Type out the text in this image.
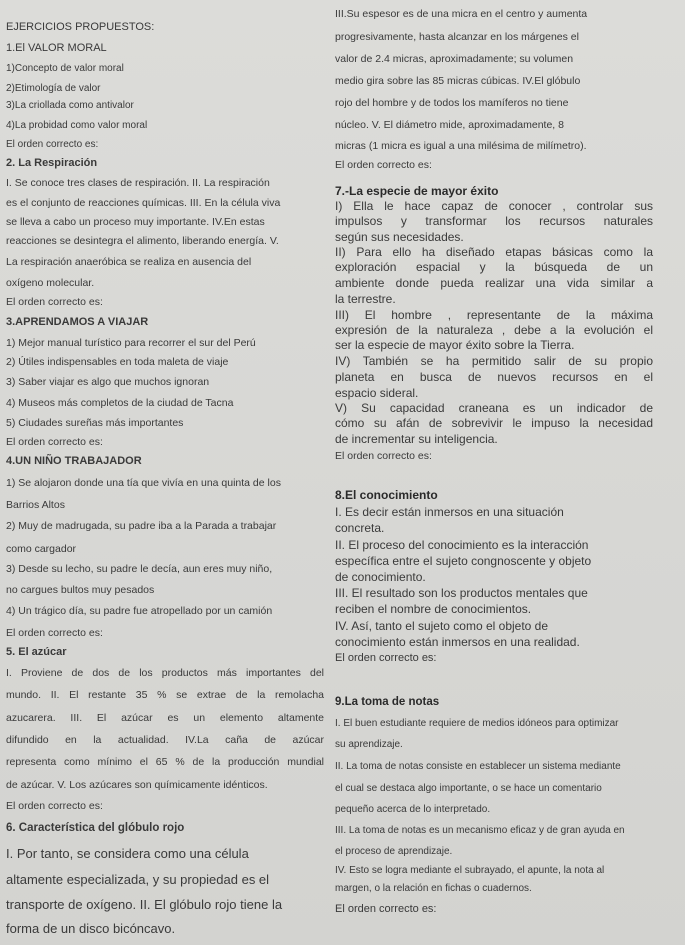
EJERCICIOS PROPUESTOS:
1.El VALOR MORAL
1)Concepto de valor moral
2)Etimología de valor
3)La criollada como antivalor
4)La probidad como valor moral
El orden correcto es:
2. La Respiración
I. Se conoce tres clases de respiración. II. La respiración
es el conjunto de reacciones químicas. III. En la célula viva
se lleva a cabo un proceso muy importante. IV.En estas
reacciones se desintegra el alimento, liberando energía. V.
La respiración anaeróbica se realiza en ausencia del
oxígeno molecular.
El orden correcto es:
3.APRENDAMOS A VIAJAR
1) Mejor manual turístico para recorrer el sur del Perú
2) Útiles indispensables en toda maleta de viaje
3) Saber viajar es algo que muchos ignoran
4) Museos más completos de la ciudad de Tacna
5) Ciudades sureñas más importantes
El orden correcto es:
4.UN NIÑO TRABAJADOR
1) Se alojaron donde una tía que vivía en una quinta de los
Barrios Altos
2) Muy de madrugada, su padre iba a la Parada a trabajar
como cargador
3) Desde su lecho, su padre le decía, aun eres muy niño,
no cargues bultos muy pesados
4) Un trágico día, su padre fue atropellado por un camión
El orden correcto es:
5. El azúcar
I. Proviene de dos de los productos más importantes del
mundo. II. El restante 35 % se extrae de la remolacha
azucarera. III. El azúcar es un elemento altamente
difundido en la actualidad. IV.La caña de azúcar
representa como mínimo el 65 % de la producción mundial
de azúcar. V. Los azúcares son químicamente idénticos.
El orden correcto es:
6. Característica del glóbulo rojo
I. Por tanto, se considera como una célula
altamente especializada, y su propiedad es el
transporte de oxígeno. II. El glóbulo rojo tiene la
forma de un disco bicóncavo.
III.Su espesor es de una micra en el centro y aumenta
progresivamente, hasta alcanzar en los márgenes el
valor de 2.4 micras, aproximadamente; su volumen
medio gira sobre las 85 micras cúbicas. IV.El glóbulo
rojo del hombre y de todos los mamíferos no tiene
núcleo. V. El diámetro mide, aproximadamente, 8
micras (1 micra es igual a una milésima de milímetro).
El orden correcto es:
7.-La especie de mayor éxito
I) Ella le hace capaz de conocer , controlar sus
impulsos y transformar los recursos naturales
según sus necesidades.
II) Para ello ha diseñado etapas básicas como la
exploración espacial y la búsqueda de un
ambiente donde pueda realizar una vida similar a
la terrestre.
III) El hombre , representante de la máxima
expresión de la naturaleza , debe a la evolución el
ser la especie de mayor éxito sobre la Tierra.
IV) También se ha permitido salir de su propio
planeta en busca de nuevos recursos en el
espacio sideral.
V) Su capacidad craneana es un indicador de
cómo su afán de sobrevivir le impuso la necesidad
de incrementar su inteligencia.
El orden correcto es:
8.El conocimiento
I. Es decir están inmersos en una situación
concreta.
II. El proceso del conocimiento es la interacción
específica entre el sujeto congnoscente y objeto
de conocimiento.
III. El resultado son los productos mentales que
reciben el nombre de conocimientos.
IV. Así, tanto el sujeto como el objeto de
conocimiento están inmersos en una realidad.
El orden correcto es:
9.La toma de notas
I. El buen estudiante requiere de medios idóneos para optimizar
su aprendizaje.
II. La toma de notas consiste en establecer un sistema mediante
el cual se destaca algo importante, o se hace un comentario
pequeño acerca de lo interpretado.
III. La toma de notas es un mecanismo eficaz y de gran ayuda en
el proceso de aprendizaje.
IV. Esto se logra mediante el subrayado, el apunte, la nota al
margen, o la relación en fichas o cuadernos.
El orden correcto es:
